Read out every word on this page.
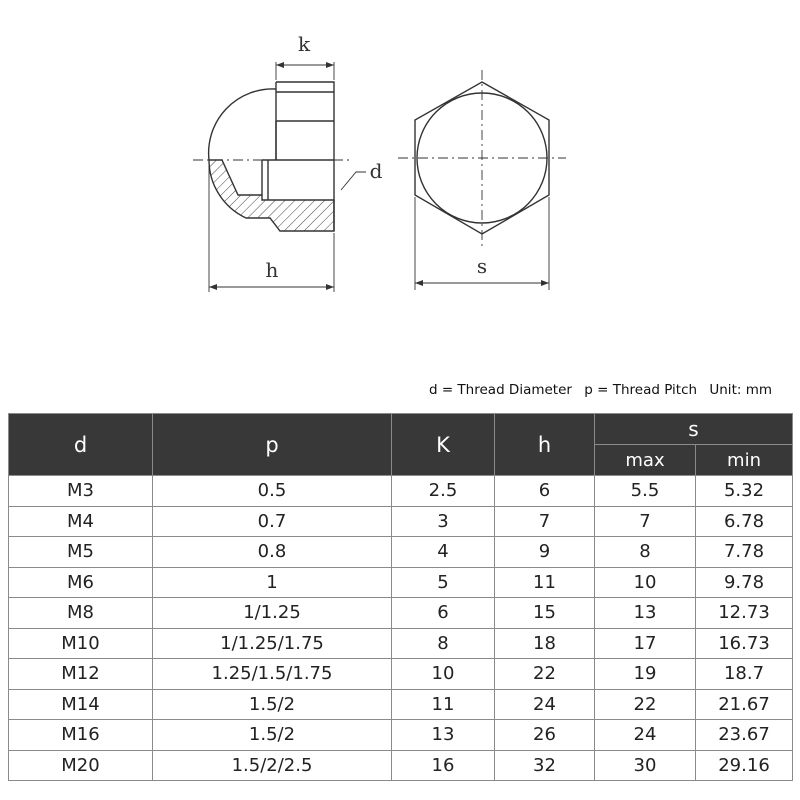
k
d
h	s
d = Thread Diameter p = Thread Pitch Unit: mm
d	p	K	h	s	
				max	min
M3	0.5	2.5	6	5.5	5.32
M4	0.7	3	7	7	6.78
M5	0.8	4	9	8	7.78
M6	1	5	11	10	9.78
M8	1/1.25	6	15	13	12.73
M10	1/1.25/1.75	8	18	17	16.73
M12	1.25/1.5/1.75	10	22	19	18.7
M14	1.5/2	11	24	22	21.67
M16	1.5/2	13	26	24	23.67
M20	1.5/2/2.5	16	32	30	29.16
